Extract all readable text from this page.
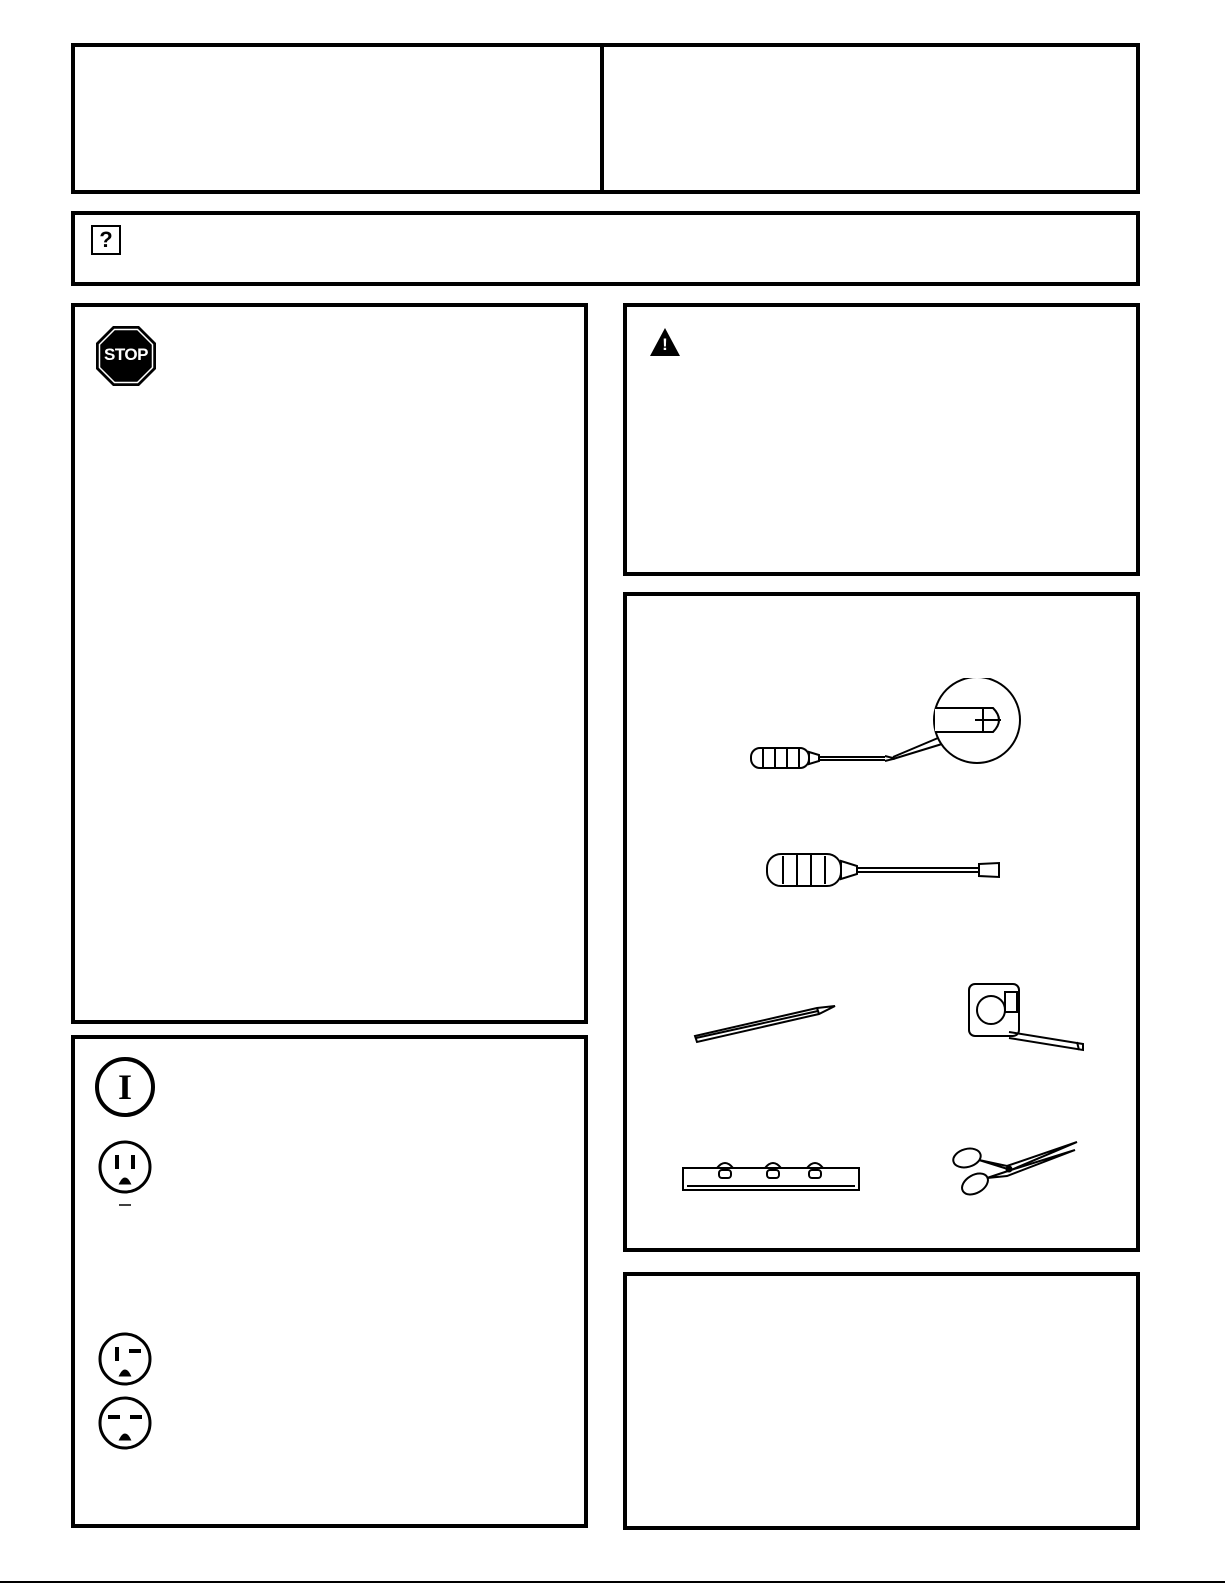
?
STOP
!
I
